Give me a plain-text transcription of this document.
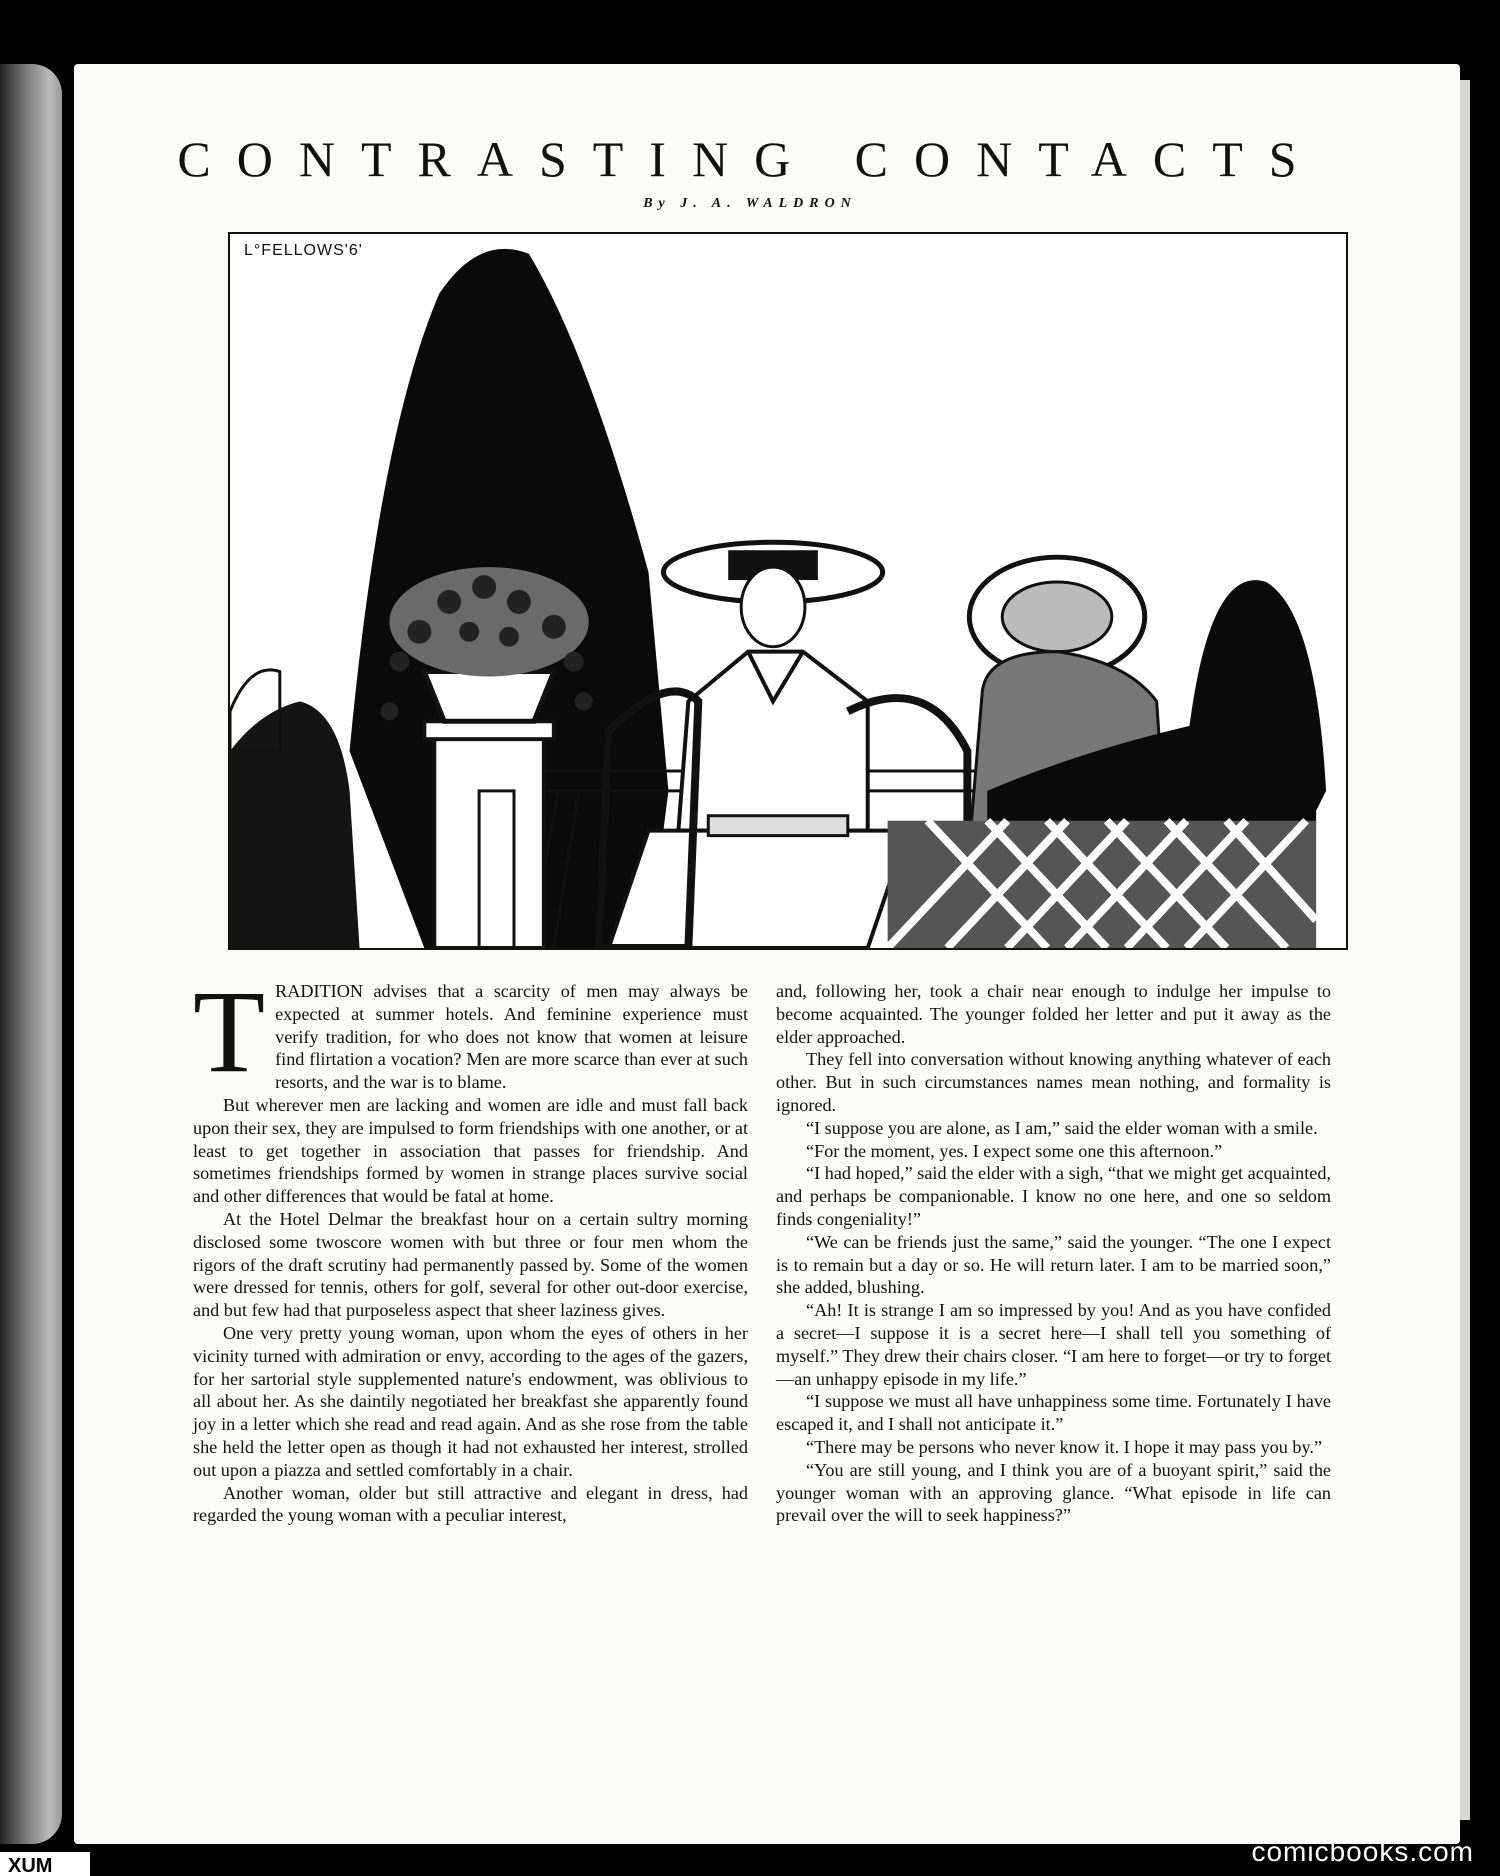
CONTRASTING CONTACTS
By J. A. WALDRON
L°FELLOWS'6'

TRADITION advises that a scarcity of men may always be expected at summer hotels. And feminine experience must verify tradition, for who does not know that women at leisure find flirtation a vocation? Men are more scarce than ever at such resorts, and the war is to blame.

But wherever men are lacking and women are idle and must fall back upon their sex, they are impulsed to form friendships with one another, or at least to get together in association that passes for friendship. And sometimes friendships formed by women in strange places survive social and other differences that would be fatal at home.

At the Hotel Delmar the breakfast hour on a certain sultry morning disclosed some twoscore women with but three or four men whom the rigors of the draft scrutiny had permanently passed by. Some of the women were dressed for tennis, others for golf, several for other out-door exercise, and but few had that purposeless aspect that sheer laziness gives.

One very pretty young woman, upon whom the eyes of others in her vicinity turned with admiration or envy, according to the ages of the gazers, for her sartorial style supplemented nature's endowment, was oblivious to all about her. As she daintily negotiated her breakfast she apparently found joy in a letter which she read and read again. And as she rose from the table she held the letter open as though it had not exhausted her interest, strolled out upon a piazza and settled comfortably in a chair.

Another woman, older but still attractive and elegant in dress, had regarded the young woman with a peculiar interest,

and, following her, took a chair near enough to indulge her impulse to become acquainted. The younger folded her letter and put it away as the elder approached.

They fell into conversation without knowing anything whatever of each other. But in such circumstances names mean nothing, and formality is ignored.

“I suppose you are alone, as I am,” said the elder woman with a smile.

“For the moment, yes. I expect some one this afternoon.”

“I had hoped,” said the elder with a sigh, “that we might get acquainted, and perhaps be companionable. I know no one here, and one so seldom finds congeniality!”

“We can be friends just the same,” said the younger. “The one I expect is to remain but a day or so. He will return later. I am to be married soon,” she added, blushing.

“Ah! It is strange I am so impressed by you! And as you have confided a secret—I suppose it is a secret here—I shall tell you something of myself.” They drew their chairs closer. “I am here to forget—or try to forget—an unhappy episode in my life.”

“I suppose we must all have unhappiness some time. Fortunately I have escaped it, and I shall not anticipate it.”

“There may be persons who never know it. I hope it may pass you by.”

“You are still young, and I think you are of a buoyant spirit,” said the younger woman with an approving glance. “What episode in life can prevail over the will to seek happiness?”

comicbooks.com
XUM
